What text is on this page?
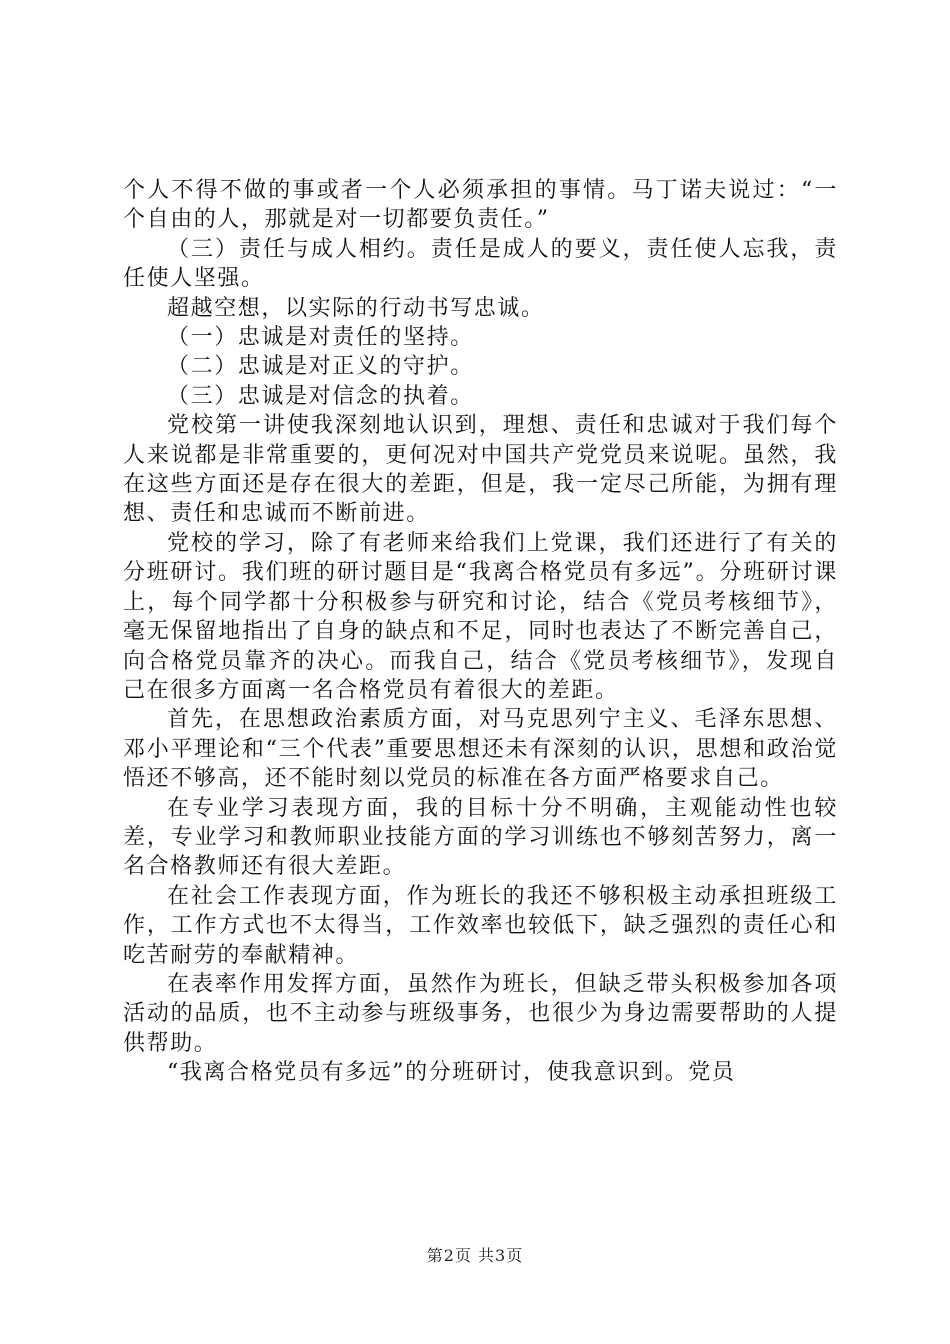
个人不得不做的事或者一个人必须承担的事情。马丁诺夫说过：“一个自由的人，那就是对一切都要负责任。”

（三）责任与成人相约。责任是成人的要义，责任使人忘我，责任使人坚强。

超越空想，以实际的行动书写忠诚。

（一）忠诚是对责任的坚持。

（二）忠诚是对正义的守护。

（三）忠诚是对信念的执着。

党校第一讲使我深刻地认识到，理想、责任和忠诚对于我们每个人来说都是非常重要的，更何况对中国共产党党员来说呢。虽然，我在这些方面还是存在很大的差距，但是，我一定尽己所能，为拥有理想、责任和忠诚而不断前进。

党校的学习，除了有老师来给我们上党课，我们还进行了有关的分班研讨。我们班的研讨题目是“我离合格党员有多远”。分班研讨课上，每个同学都十分积极参与研究和讨论，结合《党员考核细节》，毫无保留地指出了自身的缺点和不足，同时也表达了不断完善自己，向合格党员靠齐的决心。而我自己，结合《党员考核细节》，发现自己在很多方面离一名合格党员有着很大的差距。

首先，在思想政治素质方面，对马克思列宁主义、毛泽东思想、邓小平理论和“三个代表”重要思想还未有深刻的认识，思想和政治觉悟还不够高，还不能时刻以党员的标准在各方面严格要求自己。

在专业学习表现方面，我的目标十分不明确，主观能动性也较差，专业学习和教师职业技能方面的学习训练也不够刻苦努力，离一名合格教师还有很大差距。

在社会工作表现方面，作为班长的我还不够积极主动承担班级工作，工作方式也不太得当，工作效率也较低下，缺乏强烈的责任心和吃苦耐劳的奉献精神。

在表率作用发挥方面，虽然作为班长，但缺乏带头积极参加各项活动的品质，也不主动参与班级事务，也很少为身边需要帮助的人提供帮助。

“我离合格党员有多远”的分班研讨，使我意识到。党员

第2页 共3页
